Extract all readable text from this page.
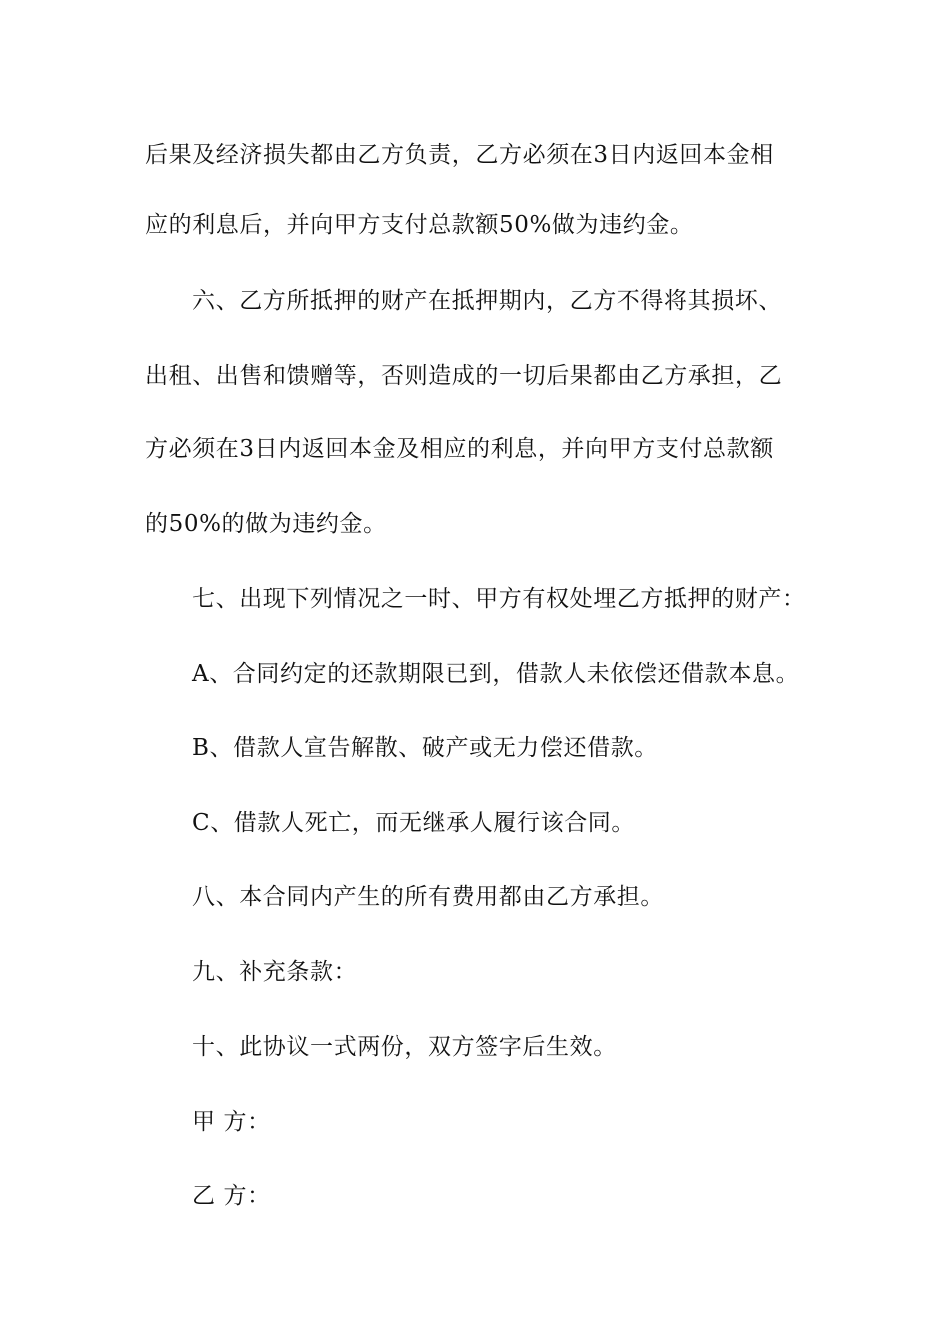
后果及经济损失都由乙方负责，乙方必须在3日内返回本金相
应的利息后，并向甲方支付总款额50%做为违约金。
六、乙方所抵押的财产在抵押期内，乙方不得将其损坏、
出租、出售和馈赠等，否则造成的一切后果都由乙方承担，乙
方必须在3日内返回本金及相应的利息，并向甲方支付总款额
的50%的做为违约金。
七、出现下列情况之一时、甲方有权处埋乙方抵押的财产：
A、合同约定的还款期限已到，借款人未依偿还借款本息。
B、借款人宣告解散、破产或无力偿还借款。
C、借款人死亡，而无继承人履行该合同。
八、本合同内产生的所有费用都由乙方承担。
九、补充条款：
十、此协议一式两份，双方签字后生效。
甲 方：
乙 方：
